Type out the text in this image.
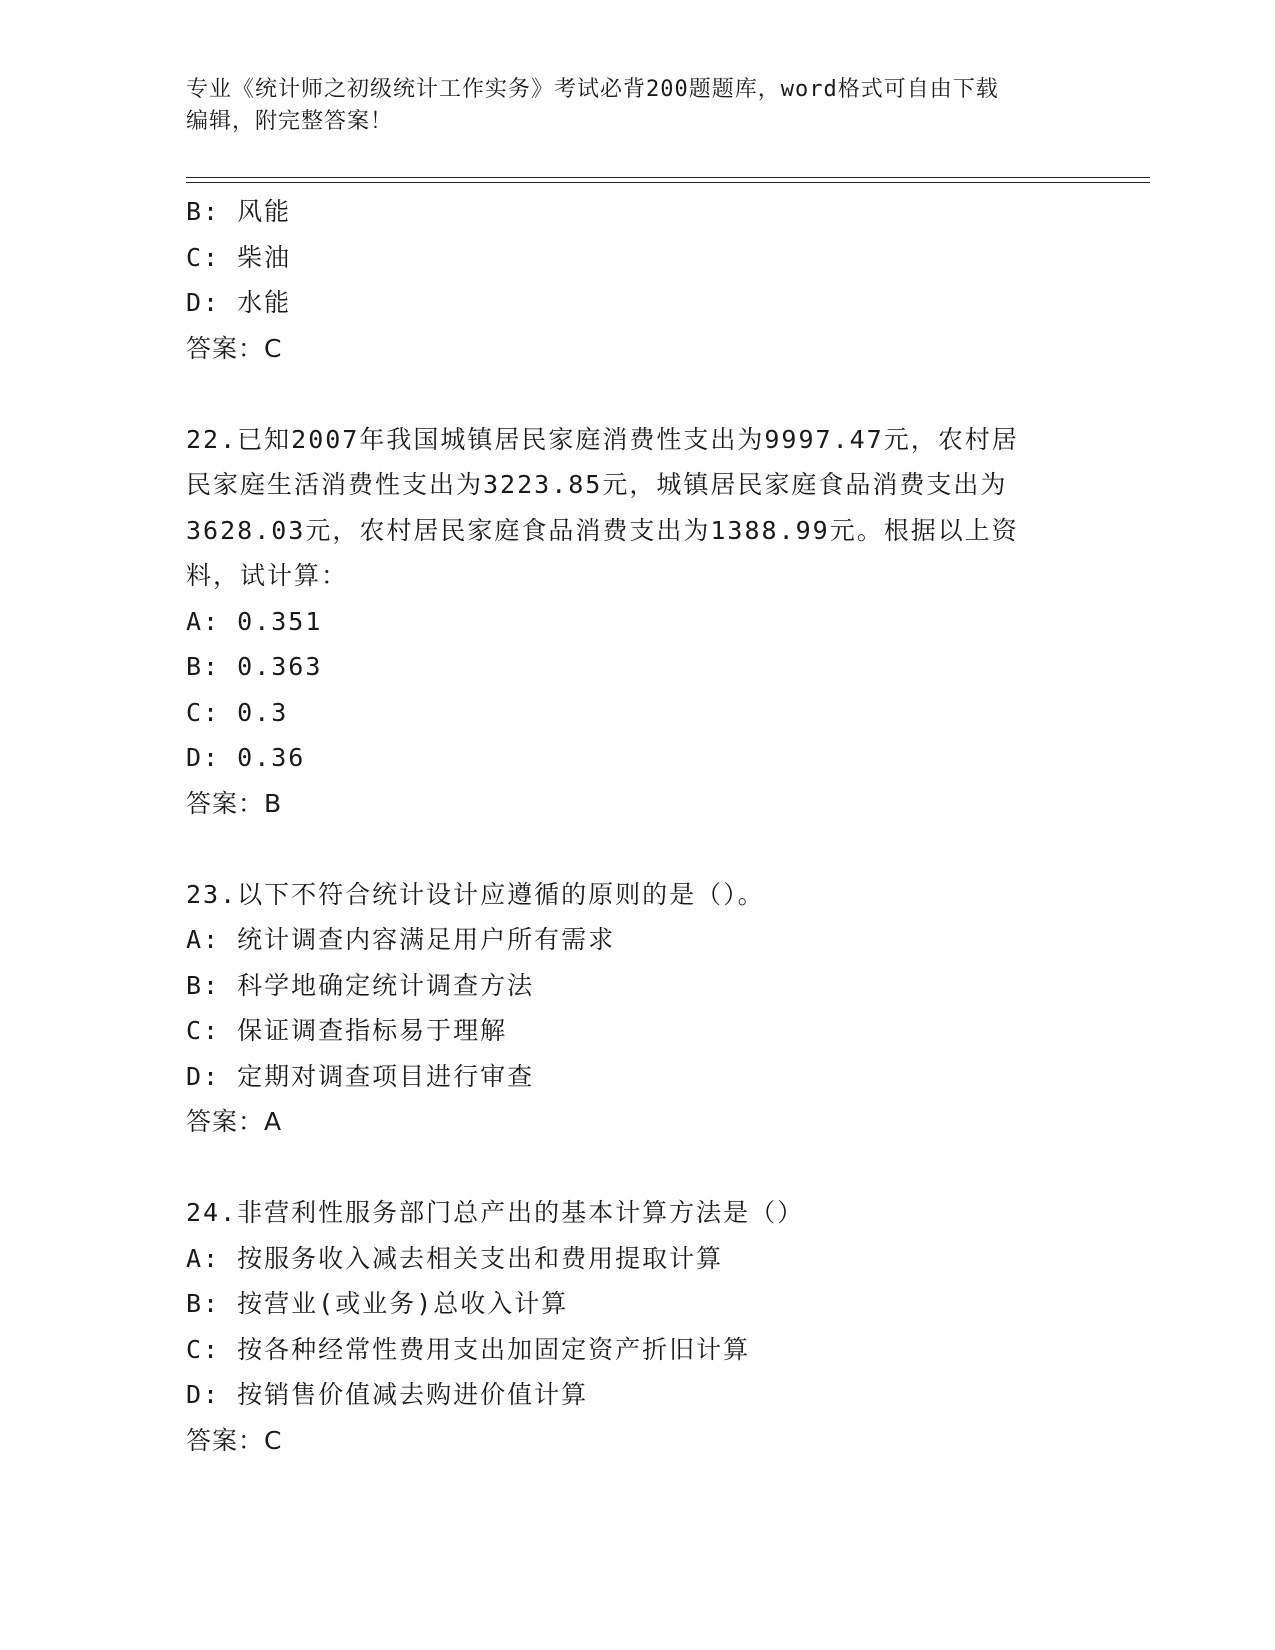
专业《统计师之初级统计工作实务》考试必背200题题库，word格式可自由下载
编辑，附完整答案！
B: 风能
C: 柴油
D: 水能
答案：C
22.已知2007年我国城镇居民家庭消费性支出为9997.47元，农村居
民家庭生活消费性支出为3223.85元，城镇居民家庭食品消费支出为
3628.03元，农村居民家庭食品消费支出为1388.99元。根据以上资
料，试计算：
A: 0.351
B: 0.363
C: 0.3
D: 0.36
答案：B
23.以下不符合统计设计应遵循的原则的是（）。
A: 统计调查内容满足用户所有需求
B: 科学地确定统计调查方法
C: 保证调查指标易于理解
D: 定期对调查项目进行审查
答案：A
24.非营利性服务部门总产出的基本计算方法是（）
A: 按服务收入减去相关支出和费用提取计算
B: 按营业(或业务)总收入计算
C: 按各种经常性费用支出加固定资产折旧计算
D: 按销售价值减去购进价值计算
答案：C
